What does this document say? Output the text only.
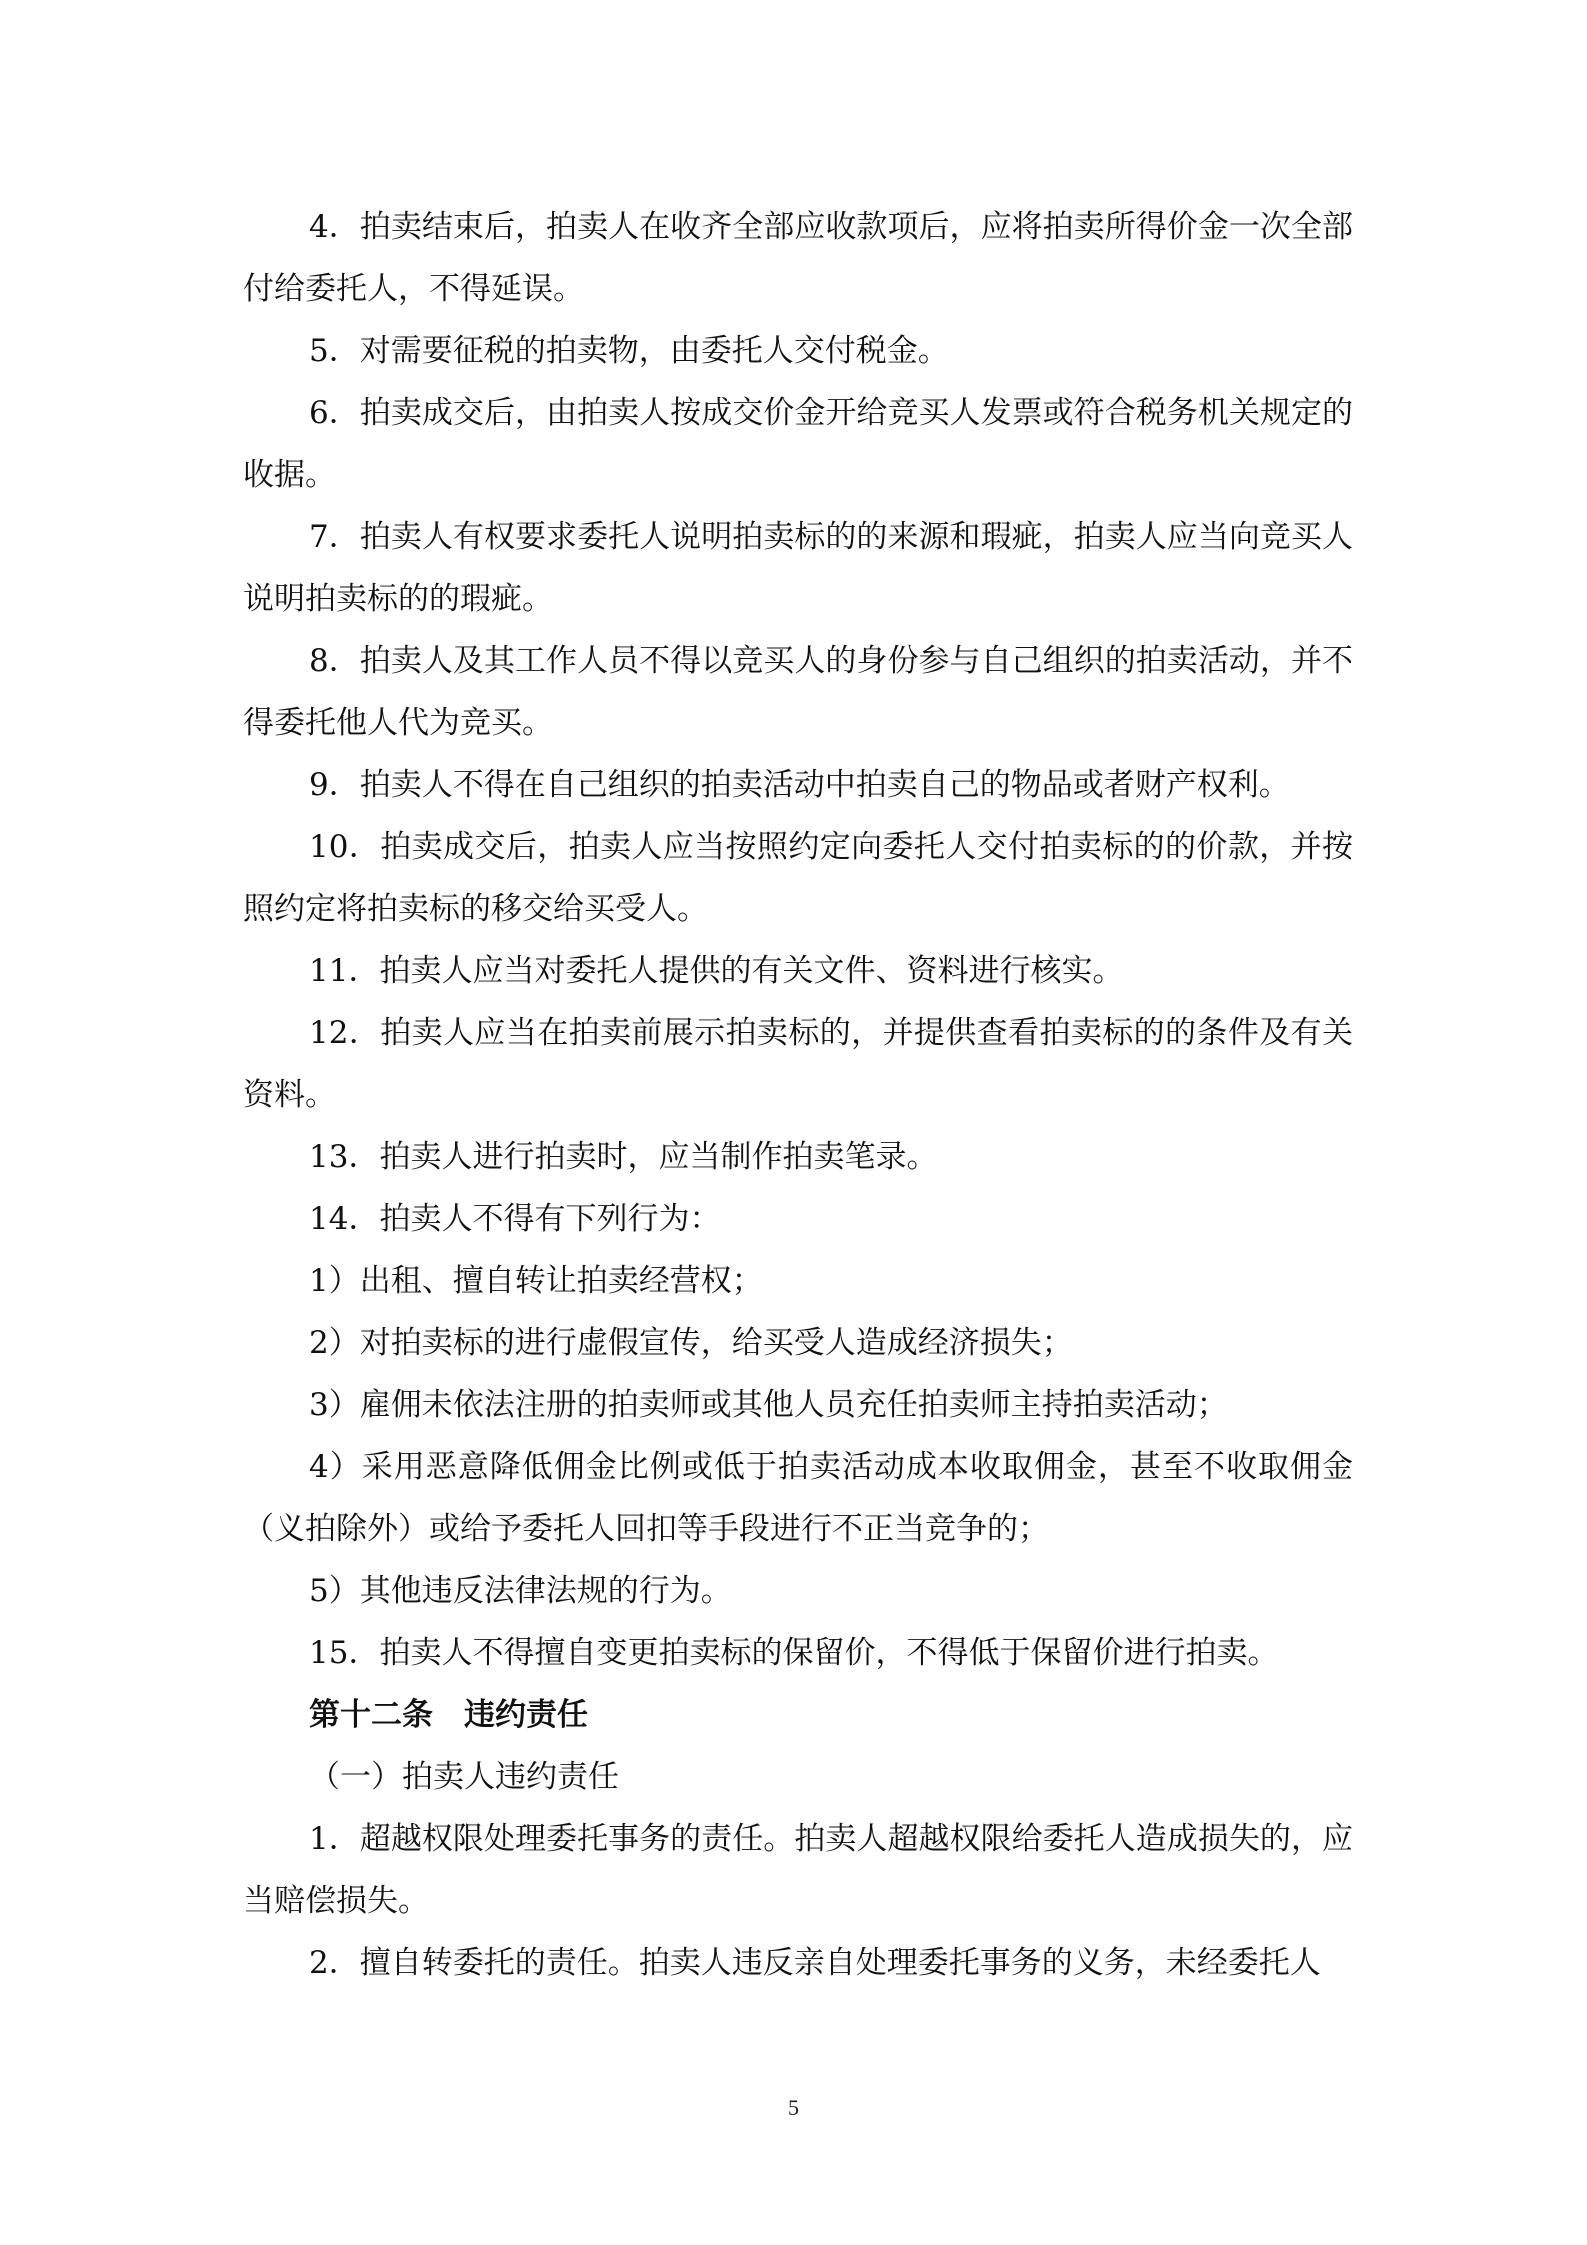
4．拍卖结束后，拍卖人在收齐全部应收款项后，应将拍卖所得价金一次全部付给委托人，不得延误。

5．对需要征税的拍卖物，由委托人交付税金。

6．拍卖成交后，由拍卖人按成交价金开给竞买人发票或符合税务机关规定的收据。

7．拍卖人有权要求委托人说明拍卖标的的来源和瑕疵，拍卖人应当向竞买人说明拍卖标的的瑕疵。

8．拍卖人及其工作人员不得以竞买人的身份参与自己组织的拍卖活动，并不得委托他人代为竞买。

9．拍卖人不得在自己组织的拍卖活动中拍卖自己的物品或者财产权利。

10．拍卖成交后，拍卖人应当按照约定向委托人交付拍卖标的的价款，并按照约定将拍卖标的移交给买受人。

11．拍卖人应当对委托人提供的有关文件、资料进行核实。

12．拍卖人应当在拍卖前展示拍卖标的，并提供查看拍卖标的的条件及有关资料。

13．拍卖人进行拍卖时，应当制作拍卖笔录。

14．拍卖人不得有下列行为：

1）出租、擅自转让拍卖经营权；

2）对拍卖标的进行虚假宣传，给买受人造成经济损失；

3）雇佣未依法注册的拍卖师或其他人员充任拍卖师主持拍卖活动；

4）采用恶意降低佣金比例或低于拍卖活动成本收取佣金，甚至不收取佣金（义拍除外）或给予委托人回扣等手段进行不正当竞争的；

5）其他违反法律法规的行为。

15．拍卖人不得擅自变更拍卖标的保留价，不得低于保留价进行拍卖。

第十二条　违约责任

（一）拍卖人违约责任

1．超越权限处理委托事务的责任。拍卖人超越权限给委托人造成损失的，应当赔偿损失。

2．擅自转委托的责任。拍卖人违反亲自处理委托事务的义务，未经委托人

5
